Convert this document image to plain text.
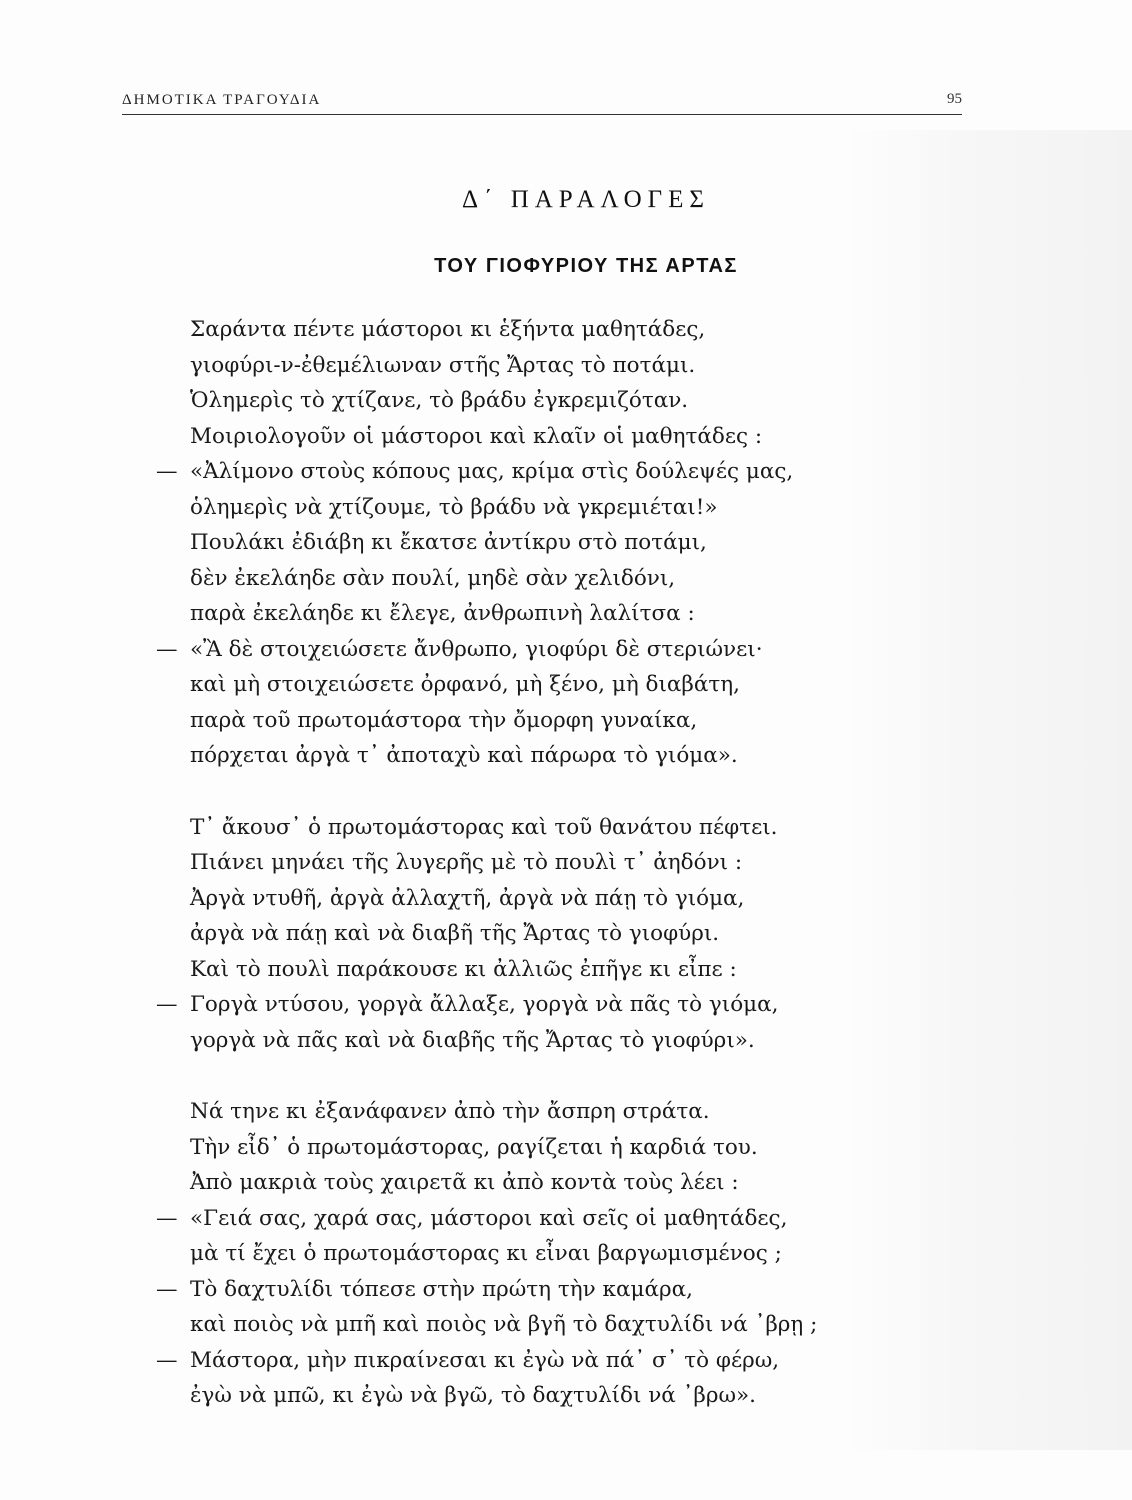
ΔΗΜΟΤΙΚΑ ΤΡΑΓΟΥΔΙΑ	95
Δ΄ ΠΑΡΑΛΟΓΕΣ
ΤΟΥ ΓΙΟΦΥΡΙΟΥ ΤΗΣ ΑΡΤΑΣ
Σαράντα πέντε μάστοροι κι ἑξήντα μαθητάδες,
γιοφύρι-ν-ἐθεμέλιωναν στῆς Ἄρτας τὸ ποτάμι.
Ὁλημερὶς τὸ χτίζανε, τὸ βράδυ ἐγκρεμιζόταν.
Μοιριολογοῦν οἱ μάστοροι καὶ κλαῖν οἱ μαθητάδες :
— «Ἀλίμονο στοὺς κόπους μας, κρίμα στὶς δούλεψές μας,
ὁλημερὶς νὰ χτίζουμε, τὸ βράδυ νὰ γκρεμιέται!»
Πουλάκι ἐδιάβη κι ἔκατσε ἀντίκρυ στὸ ποτάμι,
δὲν ἐκελάηδε σὰν πουλί, μηδὲ σὰν χελιδόνι,
παρὰ ἐκελάηδε κι ἔλεγε, ἀνθρωπινὴ λαλίτσα :
— «Ἂ δὲ στοιχειώσετε ἄνθρωπο, γιοφύρι δὲ στεριώνει·
καὶ μὴ στοιχειώσετε ὀρφανό, μὴ ξένο, μὴ διαβάτη,
παρὰ τοῦ πρωτομάστορα τὴν ὄμορφη γυναίκα,
πόρχεται ἀργὰ τ᾽ ἀποταχὺ καὶ πάρωρα τὸ γιόμα».
Τ᾽ ἄκουσ᾽ ὁ πρωτομάστορας καὶ τοῦ θανάτου πέφτει.
Πιάνει μηνάει τῆς λυγερῆς μὲ τὸ πουλὶ τ᾽ ἀηδόνι :
Ἀργὰ ντυθῆ, ἀργὰ ἀλλαχτῆ, ἀργὰ νὰ πάῃ τὸ γιόμα,
ἀργὰ νὰ πάῃ καὶ νὰ διαβῆ τῆς Ἄρτας τὸ γιοφύρι.
Καὶ τὸ πουλὶ παράκουσε κι ἀλλιῶς ἐπῆγε κι εἶπε :
— Γοργὰ ντύσου, γοργὰ ἄλλαξε, γοργὰ νὰ πᾶς τὸ γιόμα,
γοργὰ νὰ πᾶς καὶ νὰ διαβῆς τῆς Ἄρτας τὸ γιοφύρι».
Νά τηνε κι ἐξανάφανεν ἀπὸ τὴν ἄσπρη στράτα.
Τὴν εἶδ᾽ ὁ πρωτομάστορας, ραγίζεται ἡ καρδιά του.
Ἀπὸ μακριὰ τοὺς χαιρετᾶ κι ἀπὸ κοντὰ τοὺς λέει :
— «Γειά σας, χαρά σας, μάστοροι καὶ σεῖς οἱ μαθητάδες,
μὰ τί ἔχει ὁ πρωτομάστορας κι εἶναι βαργωμισμένος ;
— Τὸ δαχτυλίδι τόπεσε στὴν πρώτη τὴν καμάρα,
καὶ ποιὸς νὰ μπῆ καὶ ποιὸς νὰ βγῆ τὸ δαχτυλίδι νά ᾽βρῃ ;
— Μάστορα, μὴν πικραίνεσαι κι ἐγὼ νὰ πά᾽ σ᾽ τὸ φέρω,
ἐγὼ νὰ μπῶ, κι ἐγὼ νὰ βγῶ, τὸ δαχτυλίδι νά ᾽βρω».
